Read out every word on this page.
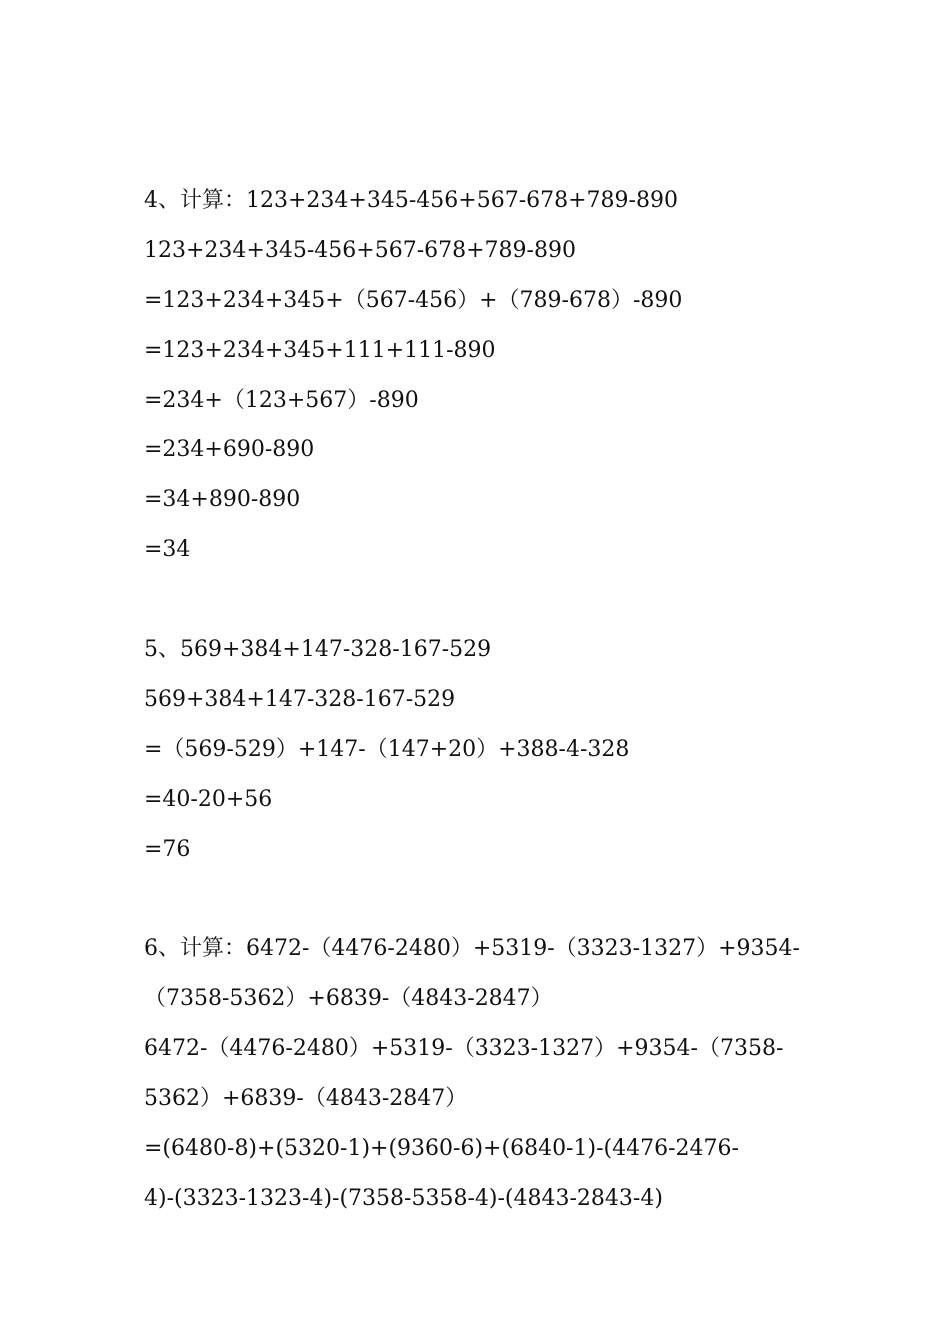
4、计算：123+234+345-456+567-678+789-890
123+234+345-456+567-678+789-890
=123+234+345+（567-456）+（789-678）-890
=123+234+345+111+111-890
=234+（123+567）-890
=234+690-890
=34+890-890
=34
5、569+384+147-328-167-529
569+384+147-328-167-529
=（569-529）+147-（147+20）+388-4-328
=40-20+56
=76
6、计算：6472-（4476-2480）+5319-（3323-1327）+9354-
（7358-5362）+6839-（4843-2847）
6472-（4476-2480）+5319-（3323-1327）+9354-（7358-
5362）+6839-（4843-2847）
=(6480-8)+(5320-1)+(9360-6)+(6840-1)-(4476-2476-
4)-(3323-1323-4)-(7358-5358-4)-(4843-2843-4)
